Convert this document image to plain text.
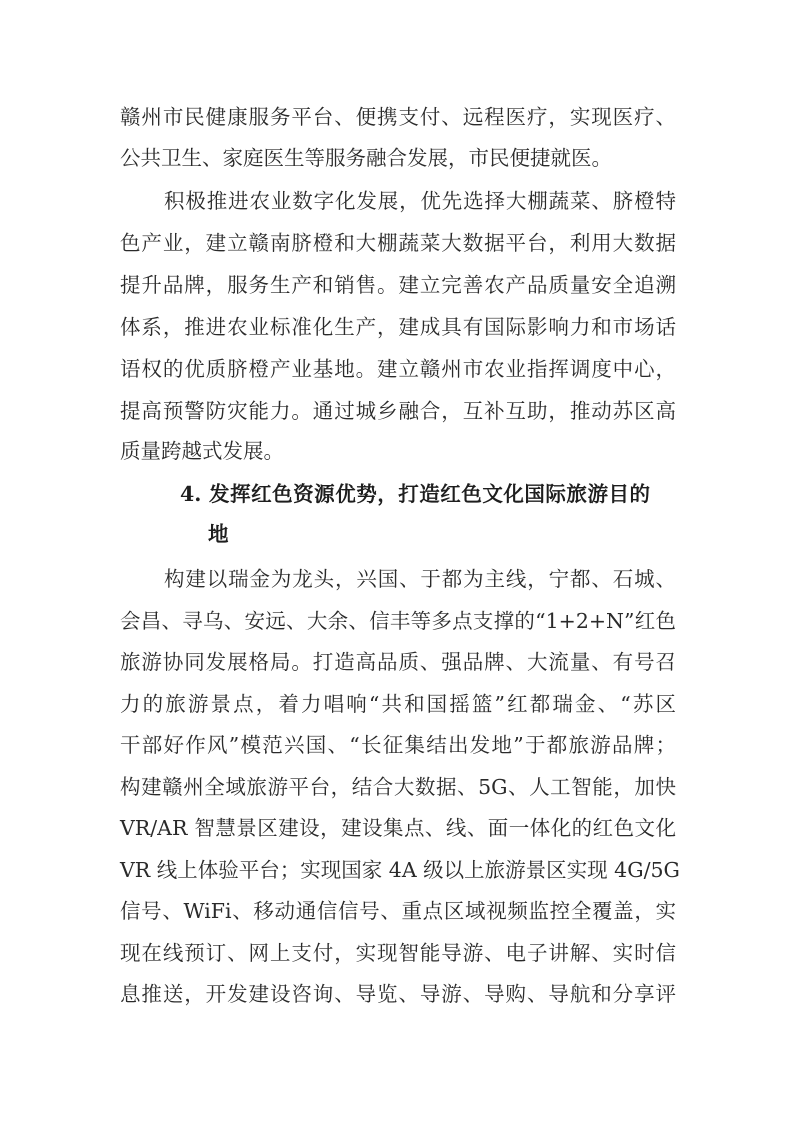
赣州市民健康服务平台、便携支付、远程医疗，实现医疗、
公共卫生、家庭医生等服务融合发展，市民便捷就医。
积极推进农业数字化发展，优先选择大棚蔬菜、脐橙特
色产业，建立赣南脐橙和大棚蔬菜大数据平台，利用大数据
提升品牌，服务生产和销售。建立完善农产品质量安全追溯
体系，推进农业标准化生产，建成具有国际影响力和市场话
语权的优质脐橙产业基地。建立赣州市农业指挥调度中心，
提高预警防灾能力。通过城乡融合，互补互助，推动苏区高
质量跨越式发展。
4. 发挥红色资源优势，打造红色文化国际旅游目的
地
构建以瑞金为龙头，兴国、于都为主线，宁都、石城、
会昌、寻乌、安远、大余、信丰等多点支撑的“1+2+N”红色
旅游协同发展格局。打造高品质、强品牌、大流量、有号召
力的旅游景点，着力唱响“共和国摇篮”红都瑞金、“苏区
干部好作风”模范兴国、“长征集结出发地”于都旅游品牌；
构建赣州全域旅游平台，结合大数据、5G、人工智能，加快
VR/AR 智慧景区建设，建设集点、线、面一体化的红色文化
VR 线上体验平台；实现国家 4A 级以上旅游景区实现 4G/5G
信号、WiFi、移动通信信号、重点区域视频监控全覆盖，实
现在线预订、网上支付，实现智能导游、电子讲解、实时信
息推送，开发建设咨询、导览、导游、导购、导航和分享评
